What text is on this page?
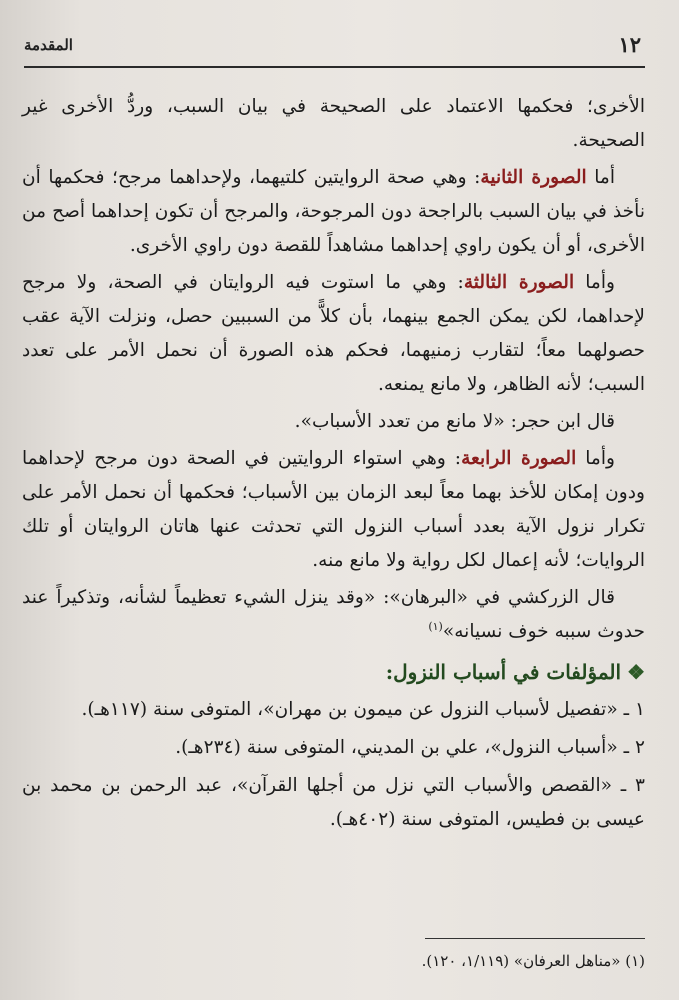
المقدمة	١٢

الأخرى؛ فحكمها الاعتماد على الصحيحة في بيان السبب، وردُّ الأخرى غير الصحيحة.

أما الصورة الثانية: وهي صحة الروايتين كلتيهما، ولإحداهما مرجح؛ فحكمها أن نأخذ في بيان السبب بالراجحة دون المرجوحة، والمرجح أن تكون إحداهما أصح من الأخرى، أو أن يكون راوي إحداهما مشاهداً للقصة دون راوي الأخرى.

وأما الصورة الثالثة: وهي ما استوت فيه الروايتان في الصحة، ولا مرجح لإحداهما، لكن يمكن الجمع بينهما، بأن كلاًّ من السببين حصل، ونزلت الآية عقب حصولهما معاً؛ لتقارب زمنيهما، فحكم هذه الصورة أن نحمل الأمر على تعدد السبب؛ لأنه الظاهر، ولا مانع يمنعه.

قال ابن حجر: «لا مانع من تعدد الأسباب».

وأما الصورة الرابعة: وهي استواء الروايتين في الصحة دون مرجح لإحداهما ودون إمكان للأخذ بهما معاً لبعد الزمان بين الأسباب؛ فحكمها أن نحمل الأمر على تكرار نزول الآية بعدد أسباب النزول التي تحدثت عنها هاتان الروايتان أو تلك الروايات؛ لأنه إعمال لكل رواية ولا مانع منه.

قال الزركشي في «البرهان»: «وقد ينزل الشيء تعظيماً لشأنه، وتذكيراً عند حدوث سببه خوف نسيانه»$^{(١)}$

❖المؤلفات في أسباب النزول:
١ ـ «تفصيل لأسباب النزول عن ميمون بن مهران»، المتوفى سنة (١١٧هـ).
٢ ـ «أسباب النزول»، علي بن المديني، المتوفى سنة (٢٣٤هـ).
٣ ـ «القصص والأسباب التي نزل من أجلها القرآن»، عبد الرحمن بن محمد بن عيسى بن فطيس، المتوفى سنة (٤٠٢هـ).
(١) «مناهل العرفان» (١/١١٩، ١٢٠).
